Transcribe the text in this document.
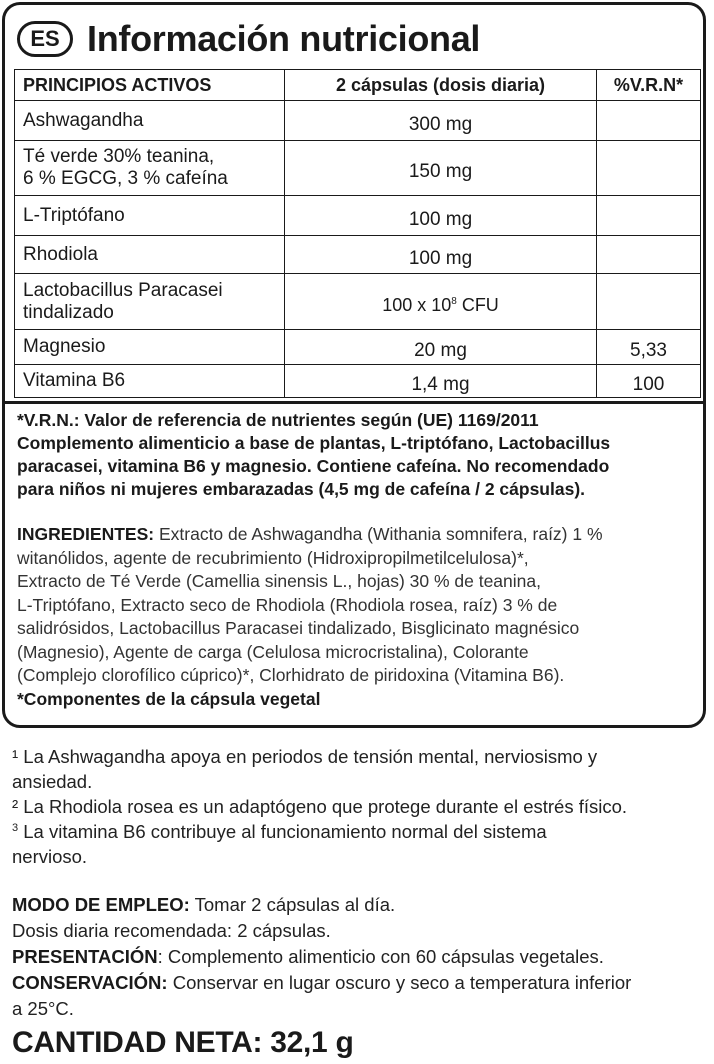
ES Información nutricional
PRINCIPIOS ACTIVOS	2 cápsulas (dosis diaria)	%V.R.N*
Ashwagandha	300 mg	
Té verde 30% teanina,
6 % EGCG, 3 % cafeína	150 mg	
L-Triptófano	100 mg	
Rhodiola	100 mg	
Lactobacillus Paracasei
tindalizado	100 x $10^8$ CFU	
Magnesio	20 mg	5,33
Vitamina B6	1,4 mg	100
*V.R.N.: Valor de referencia de nutrientes según (UE) 1169/2011
Complemento alimenticio a base de plantas, L-triptófano, Lactobacillus
paracasei, vitamina B6 y magnesio. Contiene cafeína. No recomendado
para niños ni mujeres embarazadas (4,5 mg de cafeína / 2 cápsulas).
INGREDIENTES: Extracto de Ashwagandha (Withania somnifera, raíz) 1 %
witanólidos, agente de recubrimiento (Hidroxipropilmetilcelulosa)*,
Extracto de Té Verde (Camellia sinensis L., hojas) 30 % de teanina,
L-Triptófano, Extracto seco de Rhodiola (Rhodiola rosea, raíz) 3 % de
salidrósidos, Lactobacillus Paracasei tindalizado, Bisglicinato magnésico
(Magnesio), Agente de carga (Celulosa microcristalina), Colorante
(Complejo clorofílico cúprico)*, Clorhidrato de piridoxina (Vitamina B6).
*Componentes de la cápsula vegetal

¹ La Ashwagandha apoya en periodos de tensión mental, nerviosismo y

ansiedad.

² La Rhodiola rosea es un adaptógeno que protege durante el estrés físico.

$^3$ La vitamina B6 contribuye al funcionamiento normal del sistema

nervioso.

MODO DE EMPLEO: Tomar 2 cápsulas al día.

Dosis diaria recomendada: 2 cápsulas.

PRESENTACIÓN: Complemento alimenticio con 60 cápsulas vegetales.

CONSERVACIÓN: Conservar en lugar oscuro y seco a temperatura inferior

a 25°C.

CANTIDAD NETA: 32,1 g
